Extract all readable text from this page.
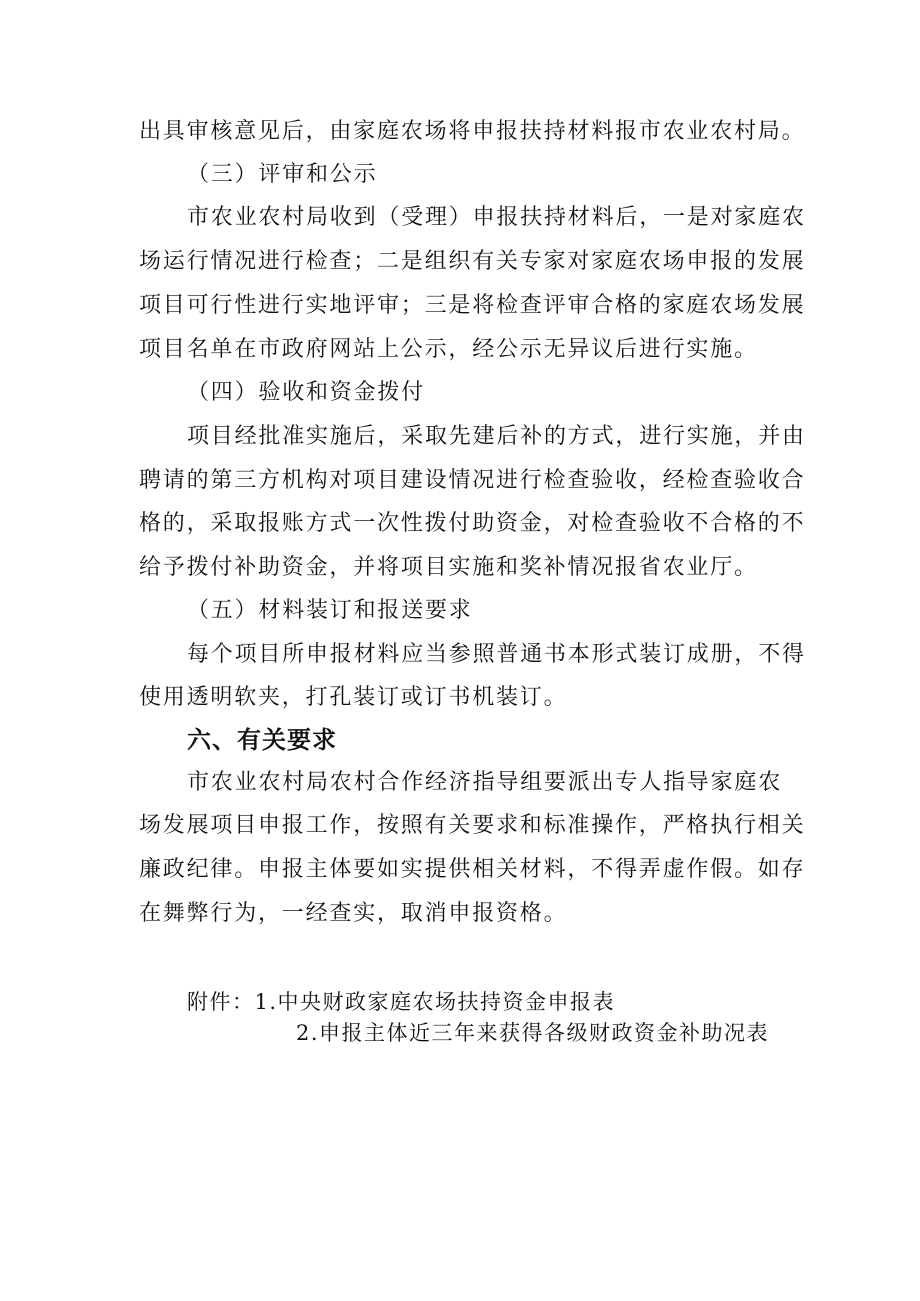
出具审核意见后，由家庭农场将申报扶持材料报市农业农村局。
（三）评审和公示
市农业农村局收到（受理）申报扶持材料后，一是对家庭农
场运行情况进行检查；二是组织有关专家对家庭农场申报的发展
项目可行性进行实地评审；三是将检查评审合格的家庭农场发展
项目名单在市政府网站上公示，经公示无异议后进行实施。
（四）验收和资金拨付
项目经批准实施后，采取先建后补的方式，进行实施，并由
聘请的第三方机构对项目建设情况进行检查验收，经检查验收合
格的，采取报账方式一次性拨付助资金，对检查验收不合格的不
给予拨付补助资金，并将项目实施和奖补情况报省农业厅。
（五）材料装订和报送要求
每个项目所申报材料应当参照普通书本形式装订成册，不得
使用透明软夹，打孔装订或订书机装订。
六、有关要求
市农业农村局农村合作经济指导组要派出专人指导家庭农
场发展项目申报工作，按照有关要求和标准操作，严格执行相关
廉政纪律。申报主体要如实提供相关材料，不得弄虚作假。如存
在舞弊行为，一经查实，取消申报资格。
附件：1.中央财政家庭农场扶持资金申报表
2.申报主体近三年来获得各级财政资金补助况表
